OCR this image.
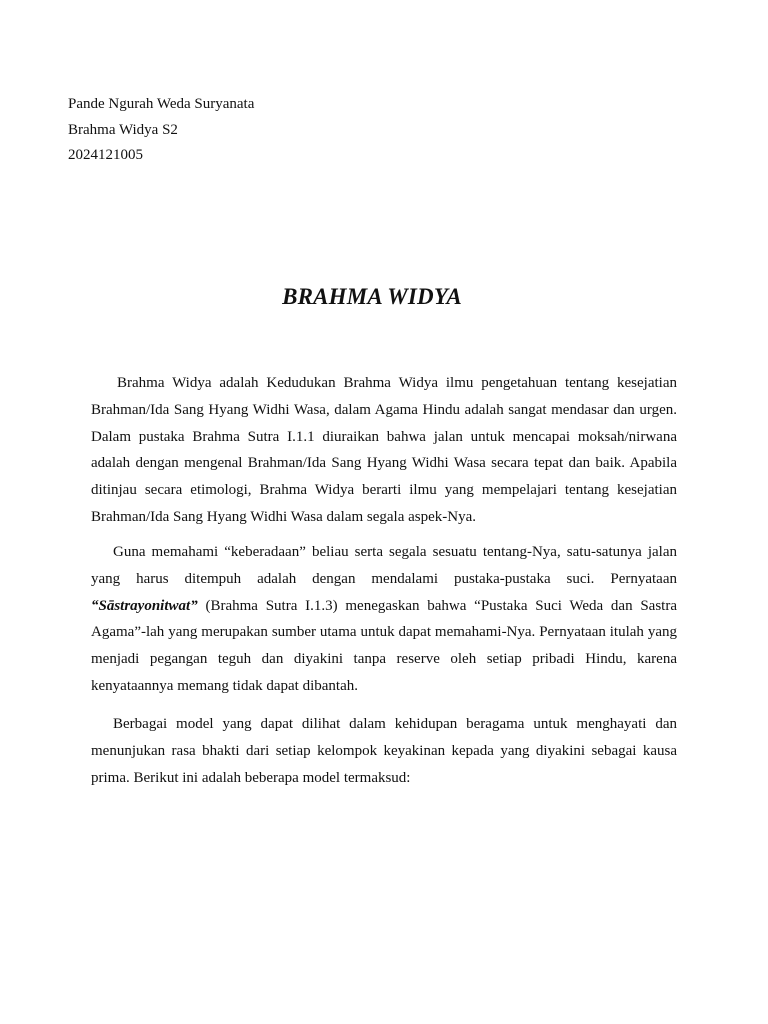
Pande Ngurah Weda Suryanata
Brahma Widya S2
2024121005
BRAHMA WIDYA

Brahma Widya adalah Kedudukan Brahma Widya ilmu pengetahuan tentang kesejatian Brahman/Ida Sang Hyang Widhi Wasa, dalam Agama Hindu adalah sangat mendasar dan urgen. Dalam pustaka Brahma Sutra I.1.1 diuraikan bahwa jalan untuk mencapai moksah/nirwana adalah dengan mengenal Brahman/Ida Sang Hyang Widhi Wasa secara tepat dan baik. Apabila ditinjau secara etimologi, Brahma Widya berarti ilmu yang mempelajari tentang kesejatian Brahman/Ida Sang Hyang Widhi Wasa dalam segala aspek-Nya.

Guna memahami “keberadaan” beliau serta segala sesuatu tentang-Nya, satu-satunya jalan yang harus ditempuh adalah dengan mendalami pustaka-pustaka suci. Pernyataan “Sāstrayonitwat” (Brahma Sutra I.1.3) menegaskan bahwa “Pustaka Suci Weda dan Sastra Agama”-lah yang merupakan sumber utama untuk dapat memahami-Nya. Pernyataan itulah yang menjadi pegangan teguh dan diyakini tanpa reserve oleh setiap pribadi Hindu, karena kenyataannya memang tidak dapat dibantah.

Berbagai model yang dapat dilihat dalam kehidupan beragama untuk menghayati dan menunjukan rasa bhakti dari setiap kelompok keyakinan kepada yang diyakini sebagai kausa prima. Berikut ini adalah beberapa model termaksud:
